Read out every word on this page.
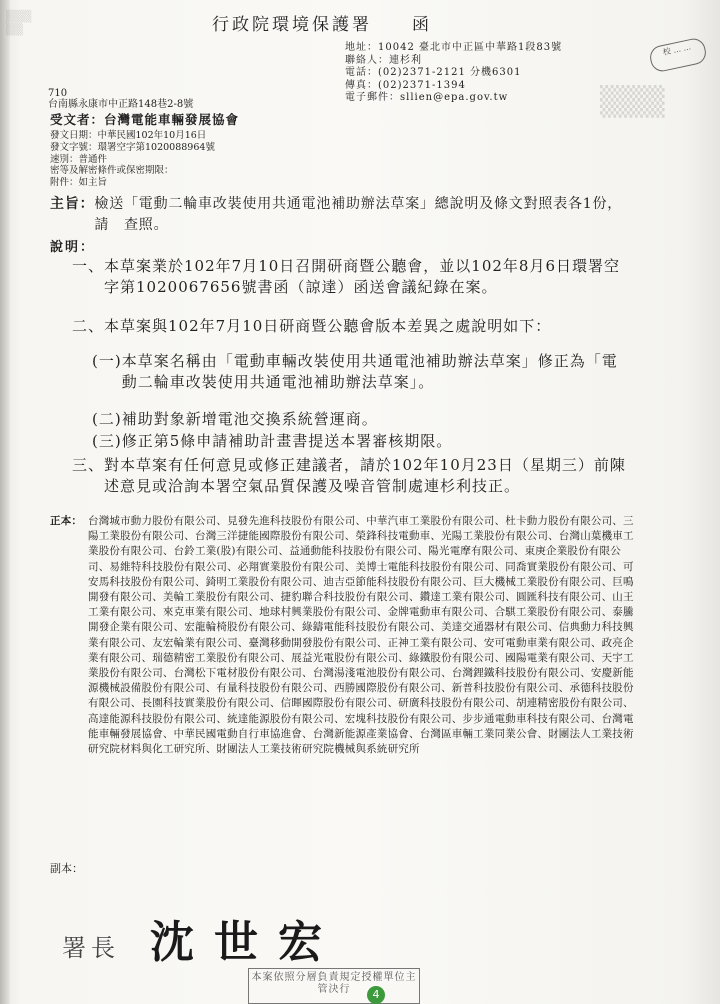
▒▒▒
▒▒
▒▒▒
行政院環境保護署　　函
地址：10042 臺北市中正區中華路1段83號
聯絡人：連杉利
電話：(02)2371-2121 分機6301
傳真：(02)2371-1394
電子郵件：sllien@epa.gov.tw
校 ... ...
710
台南縣永康市中正路148巷2-8號
受文者：台灣電能車輛發展協會
發文日期：中華民國102年10月16日
發文字號：環署空字第1020088964號
速別：普通件
密等及解密條件或保密期限：
附件：如主旨
主旨： 檢送「電動二輪車改裝使用共通電池補助辦法草案」總說明及條文對照表各1份，請　查照。
說明：
一、 本草案業於102年7月10日召開研商暨公聽會，並以102年8月6日環署空字第1020067656號書函（諒達）函送會議紀錄在案。
二、 本草案與102年7月10日研商暨公聽會版本差異之處說明如下：
(一) 本草案名稱由「電動車輛改裝使用共通電池補助辦法草案」修正為「電動二輪車改裝使用共通電池補助辦法草案」。
(二) 補助對象新增電池交換系統營運商。
(三) 修正第5條申請補助計畫書提送本署審核期限。
三、 對本草案有任何意見或修正建議者，請於102年10月23日（星期三）前陳述意見或洽詢本署空氣品質保護及噪音管制處連杉利技正。
正本： 台灣城市動力股份有限公司、見發先進科技股份有限公司、中華汽車工業股份有限公司、杜卡動力股份有限公司、三陽工業股份有限公司、台灣三洋捷能國際股份有限公司、榮鋒科技電動車、光陽工業股份有限公司、台灣山葉機車工業股份有限公司、台鈴工業(股)有限公司、益通動能科技股份有限公司、陽光電摩有限公司、東庚企業股份有限公司、易維特科技股份有限公司、必翔實業股份有限公司、美博士電能科技股份有限公司、同喬實業股份有限公司、可安馬科技股份有限公司、錡明工業股份有限公司、迪吉亞節能科技股份有限公司、巨大機械工業股份有限公司、巨鳴開發有限公司、美輪工業股份有限公司、捷豹聯合科技股份有限公司、鑽達工業有限公司、圓匯科技有限公司、山王工業有限公司、來克車業有限公司、地球村興業股份有限公司、金牌電動車有限公司、合騏工業股份有限公司、泰騰開發企業有限公司、宏龍輪椅股份有限公司、綠鑄電能科技股份有限公司、美達交通器材有限公司、信典動力科技興業有限公司、友宏輪業有限公司、臺灣移動開發股份有限公司、正神工業有限公司、安可電動車業有限公司、政亮企業有限公司、瑞德精密工業股份有限公司、展益光電股份有限公司、綠鐵股份有限公司、國陽電業有限公司、天宇工業股份有限公司、台灣松下電材股份有限公司、台灣湯淺電池股份有限公司、台灣鋰鐵科技股份有限公司、安慶新能源機械設備股份有限公司、有量科技股份有限公司、西勝國際股份有限公司、新普科技股份有限公司、承德科技股份有限公司、長園科技實業股份有限公司、信暉國際股份有限公司、研廣科技股份有限公司、胡連精密股份有限公司、高達能源科技股份有限公司、統達能源股份有限公司、宏塊科技股份有限公司、步步通電動車科技有限公司、台灣電能車輛發展協會、中華民國電動自行車協進會、台灣新能源產業協會、台灣區車輛工業同業公會、財團法人工業技術研究院材料與化工研究所、財團法人工業技術研究院機械與系統研究所
副本：
署長 沈世宏
本案依照分層負責規定授權單位主管決行	4
